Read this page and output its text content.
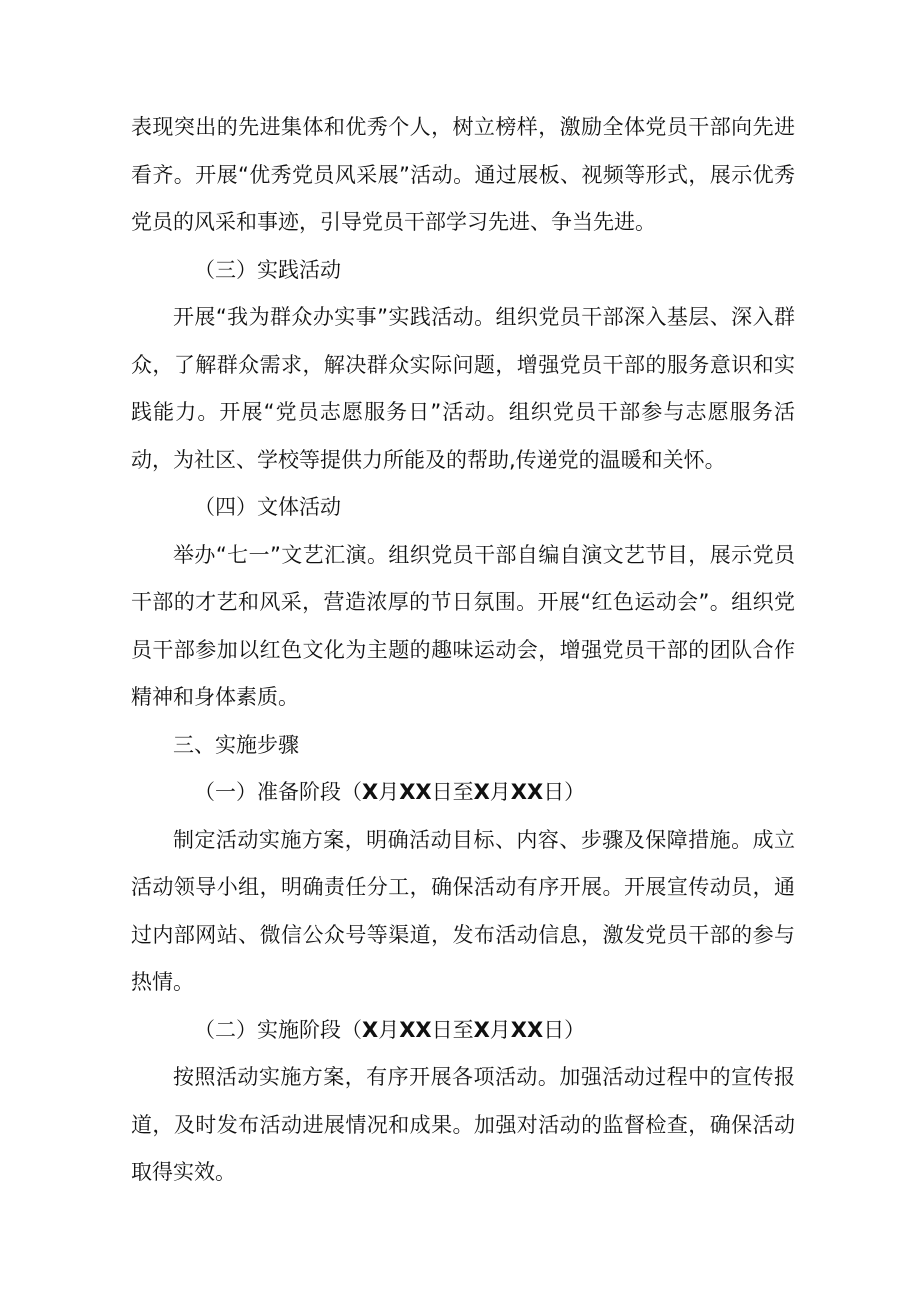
表现突出的先进集体和优秀个人，树立榜样，激励全体党员干部向先进看齐。开展“优秀党员风采展”活动。通过展板、视频等形式，展示优秀党员的风采和事迹，引导党员干部学习先进、争当先进。

（三）实践活动

开展“我为群众办实事”实践活动。组织党员干部深入基层、深入群众，了解群众需求，解决群众实际问题，增强党员干部的服务意识和实践能力。开展“党员志愿服务日”活动。组织党员干部参与志愿服务活动，为社区、学校等提供力所能及的帮助,传递党的温暖和关怀。

（四）文体活动

举办“七一”文艺汇演。组织党员干部自编自演文艺节目，展示党员干部的才艺和风采，营造浓厚的节日氛围。开展“红色运动会”。组织党员干部参加以红色文化为主题的趣味运动会，增强党员干部的团队合作精神和身体素质。

三、实施步骤

（一）准备阶段（X月XX日至X月XX日）

制定活动实施方案，明确活动目标、内容、步骤及保障措施。成立活动领导小组，明确责任分工，确保活动有序开展。开展宣传动员，通过内部网站、微信公众号等渠道，发布活动信息，激发党员干部的参与热情。

（二）实施阶段（X月XX日至X月XX日）

按照活动实施方案，有序开展各项活动。加强活动过程中的宣传报道，及时发布活动进展情况和成果。加强对活动的监督检查，确保活动取得实效。
